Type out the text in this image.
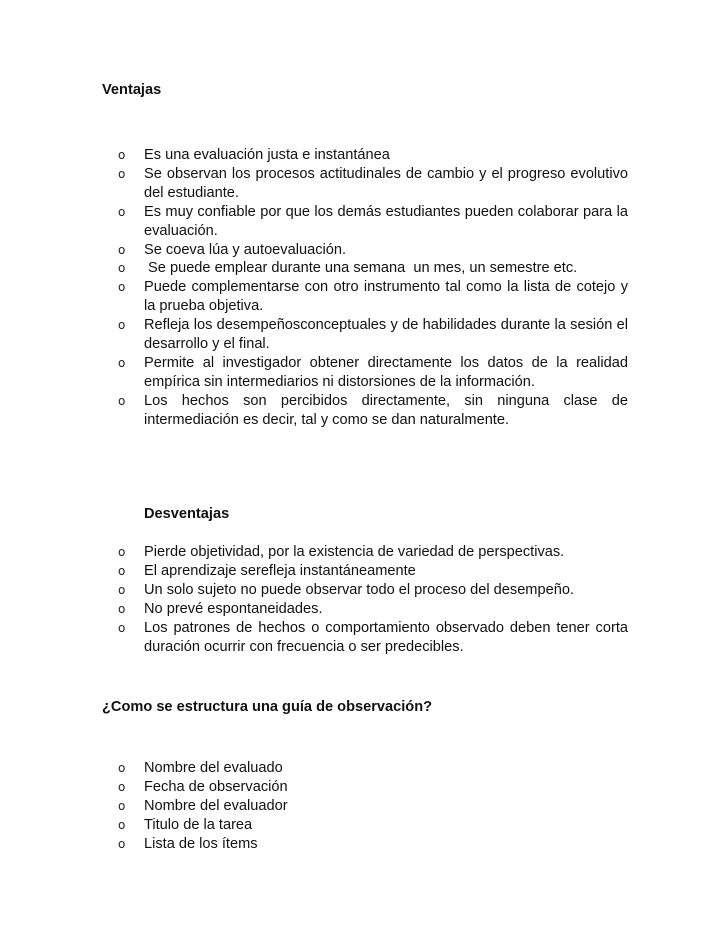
Ventajas
o Es una evaluación justa e instantánea
o Se observan los procesos actitudinales de cambio y el progreso evolutivo del estudiante.
o Es muy confiable por que los demás estudiantes pueden colaborar para la evaluación.
o Se coeva lúa y autoevaluación.
o Se puede emplear durante una semana  un mes, un semestre etc.
o Puede complementarse con otro instrumento tal como la lista de cotejo y la prueba objetiva.
o Refleja los desempeñosconceptuales y de habilidades durante la sesión el desarrollo y el final.
o Permite al investigador obtener directamente los datos de la realidad empírica sin intermediarios ni distorsiones de la información.
o Los hechos son percibidos directamente, sin ninguna clase de intermediación es decir, tal y como se dan naturalmente.
Desventajas
o Pierde objetividad, por la existencia de variedad de perspectivas.
o El aprendizaje serefleja instantáneamente
o Un solo sujeto no puede observar todo el proceso del desempeño.
o No prevé espontaneidades.
o Los patrones de hechos o comportamiento observado deben tener corta duración ocurrir con frecuencia o ser predecibles.
¿Como se estructura una guía de observación?
o Nombre del evaluado
o Fecha de observación
o Nombre del evaluador
o Titulo de la tarea
o Lista de los ítems
